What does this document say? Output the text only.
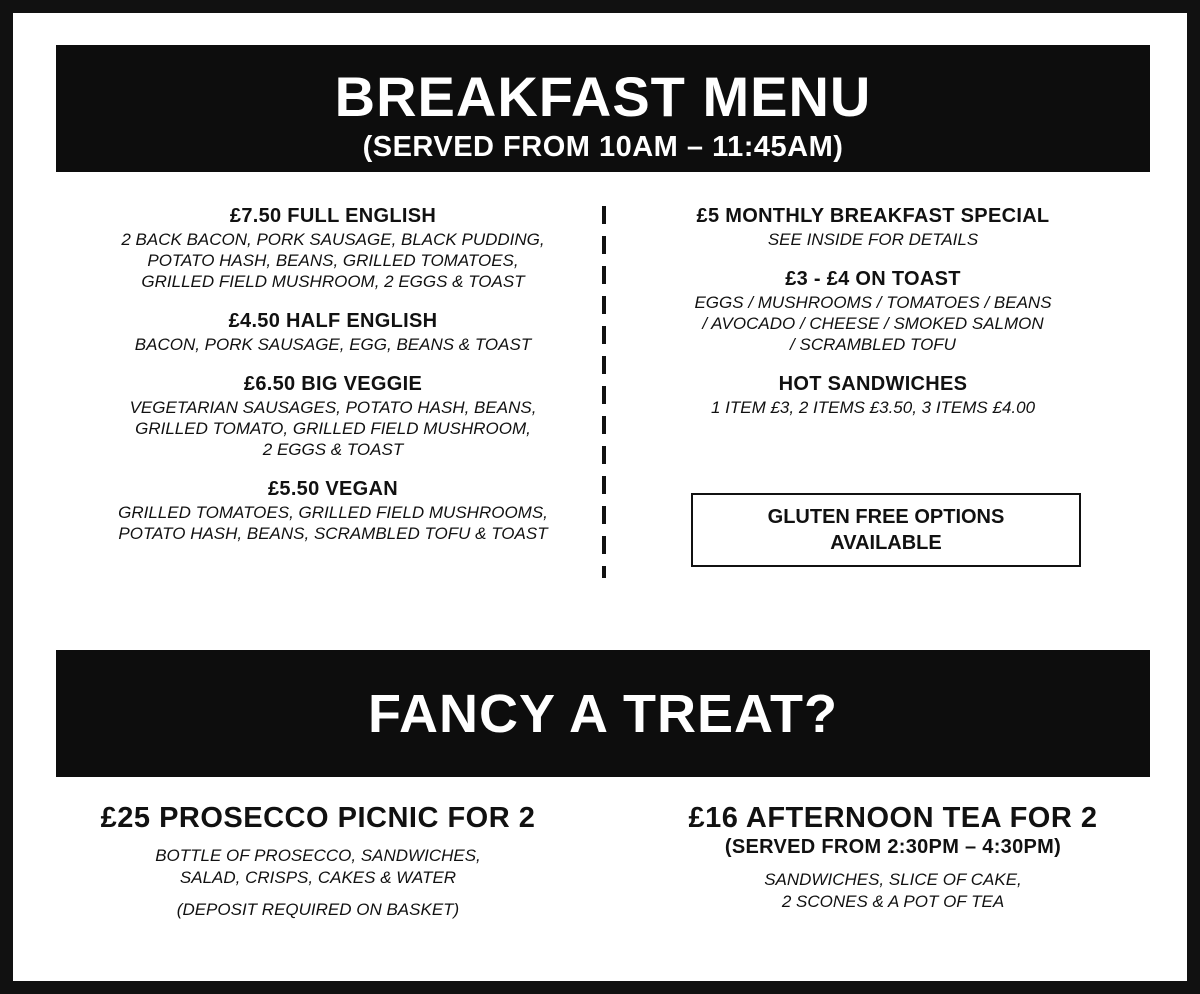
BREAKFAST MENU
(SERVED FROM 10AM – 11:45AM)
£7.50 FULL ENGLISH
2 BACK BACON, PORK SAUSAGE, BLACK PUDDING,
POTATO HASH, BEANS, GRILLED TOMATOES,
GRILLED FIELD MUSHROOM, 2 EGGS & TOAST
£4.50 HALF ENGLISH
BACON, PORK SAUSAGE, EGG, BEANS & TOAST
£6.50 BIG VEGGIE
VEGETARIAN SAUSAGES, POTATO HASH, BEANS,
GRILLED TOMATO, GRILLED FIELD MUSHROOM,
2 EGGS & TOAST
£5.50 VEGAN
GRILLED TOMATOES, GRILLED FIELD MUSHROOMS,
POTATO HASH, BEANS, SCRAMBLED TOFU & TOAST
£5 MONTHLY BREAKFAST SPECIAL
SEE INSIDE FOR DETAILS
£3 - £4 ON TOAST
EGGS / MUSHROOMS / TOMATOES / BEANS
/ AVOCADO / CHEESE / SMOKED SALMON
/ SCRAMBLED TOFU
HOT SANDWICHES
1 ITEM £3, 2 ITEMS £3.50, 3 ITEMS £4.00
GLUTEN FREE OPTIONS
AVAILABLE
FANCY A TREAT?
£25 PROSECCO PICNIC FOR 2
BOTTLE OF PROSECCO, SANDWICHES,
SALAD, CRISPS, CAKES & WATER
(DEPOSIT REQUIRED ON BASKET)
£16 AFTERNOON TEA FOR 2
(SERVED FROM 2:30PM – 4:30PM)
SANDWICHES, SLICE OF CAKE,
2 SCONES & A POT OF TEA
